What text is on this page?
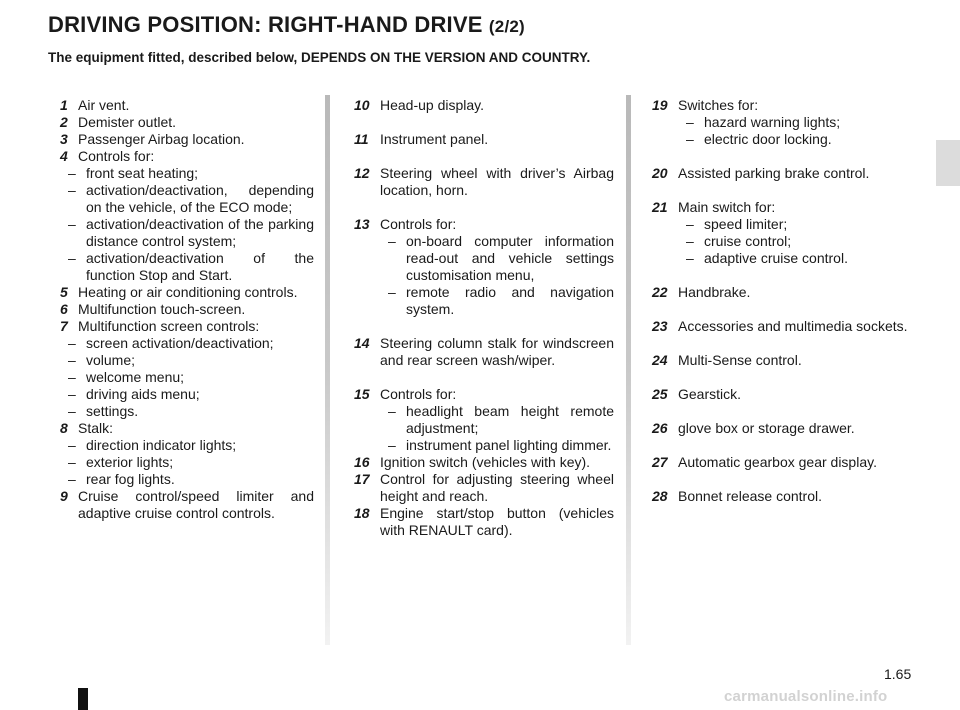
DRIVING POSITION: RIGHT-HAND DRIVE (2/2)

The equipment fitted, described below, DEPENDS ON THE VERSION AND COUNTRY.

1 Air vent.
2 Demister outlet.
3 Passenger Airbag location.
4 Controls for:
– front seat heating;
– activation/deactivation, depending on the vehicle, of the ECO mode;
– activation/deactivation of the parking distance control system;
– activation/deactivation of the function Stop and Start.
5 Heating or air conditioning controls.
6 Multifunction touch-screen.
7 Multifunction screen controls:
– screen activation/deactivation;
– volume;
– welcome menu;
– driving aids menu;
– settings.
8 Stalk:
– direction indicator lights;
– exterior lights;
– rear fog lights.
9 Cruise control/speed limiter and adaptive cruise control controls.
10 Head-up display.
11 Instrument panel.
12 Steering wheel with driver’s Airbag location, horn.
13 Controls for:
– on-board computer information read-out and vehicle settings customisation menu,
– remote radio and navigation system.
14 Steering column stalk for windscreen and rear screen wash/wiper.
15 Controls for:
– headlight beam height remote adjustment;
– instrument panel lighting dimmer.
16 Ignition switch (vehicles with key).
17 Control for adjusting steering wheel height and reach.
18 Engine start/stop button (vehicles with RENAULT card).
19 Switches for:
– hazard warning lights;
– electric door locking.
20 Assisted parking brake control.
21 Main switch for:
– speed limiter;
– cruise control;
– adaptive cruise control.
22 Handbrake.
23 Accessories and multimedia sockets.
24 Multi-Sense control.
25 Gearstick.
26 glove box or storage drawer.
27 Automatic gearbox gear display.
28 Bonnet release control.
1.65
carmanualsonline.info
